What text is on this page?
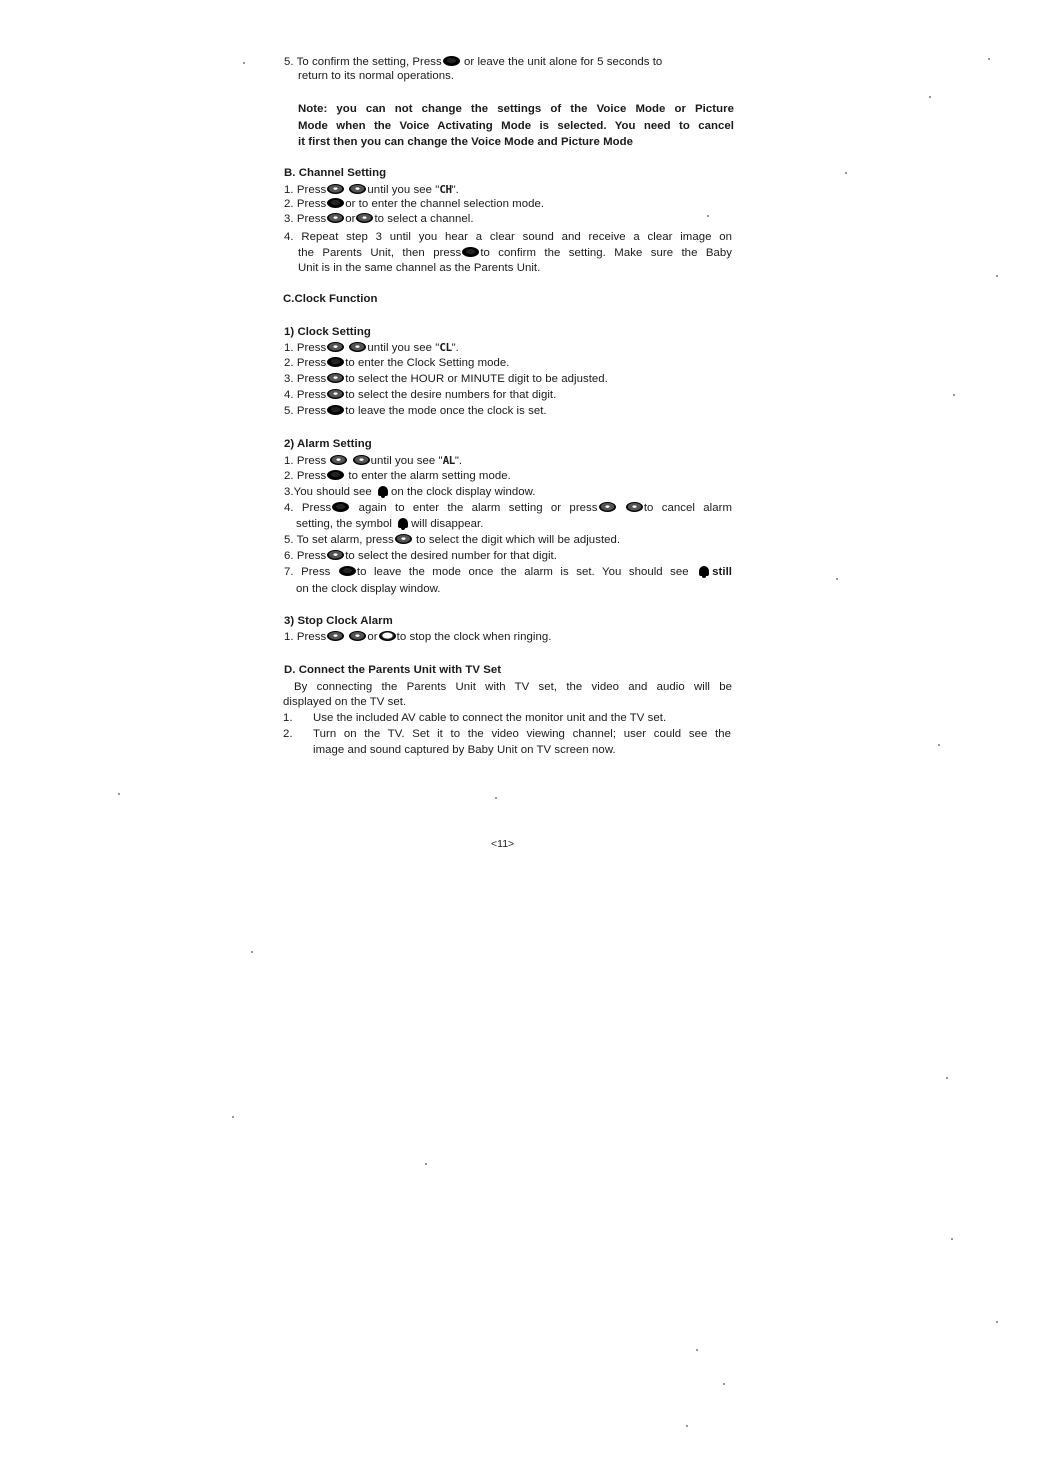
5. To confirm the setting, Press or leave the unit alone for 5 seconds to
return to its normal operations.
Note: you can not change the settings of the Voice Mode or Picture
Mode when the Voice Activating Mode is selected. You need to cancel
it first then you can change the Voice Mode and Picture Mode
B. Channel Setting
1. Press	until you see "CH".
2. Press or to enter the channel selection mode.
3. Press or to select a channel.
4. Repeat step 3 until you hear a clear sound and receive a clear image on
the Parents Unit, then press to confirm the setting. Make sure the Baby
Unit is in the same channel as the Parents Unit.
C.Clock Function
1) Clock Setting
1. Press	until you see "CL".
2. Press to enter the Clock Setting mode.
3. Press to select the HOUR or MINUTE digit to be adjusted.
4. Press to select the desire numbers for that digit.
5. Press to leave the mode once the clock is set.
2) Alarm Setting
1. Press	until you see "AL".
2. Press to enter the alarm setting mode.
3.You should see on the clock display window.
4. Press again to enter the alarm setting or press	to cancel alarm
setting, the symbol will disappear.
5. To set alarm, press to select the digit which will be adjusted.
6. Press to select the desired number for that digit.
7. Press to leave the mode once the alarm is set. You should see still
on the clock display window.
3) Stop Clock Alarm
1. Press	or to stop the clock when ringing.
D. Connect the Parents Unit with TV Set
By connecting the Parents Unit with TV set, the video and audio will be
displayed on the TV set.
1. Use the included AV cable to connect the monitor unit and the TV set.
2. Turn on the TV. Set it to the video viewing channel; user could see the
image and sound captured by Baby Unit on TV screen now.
<11>
